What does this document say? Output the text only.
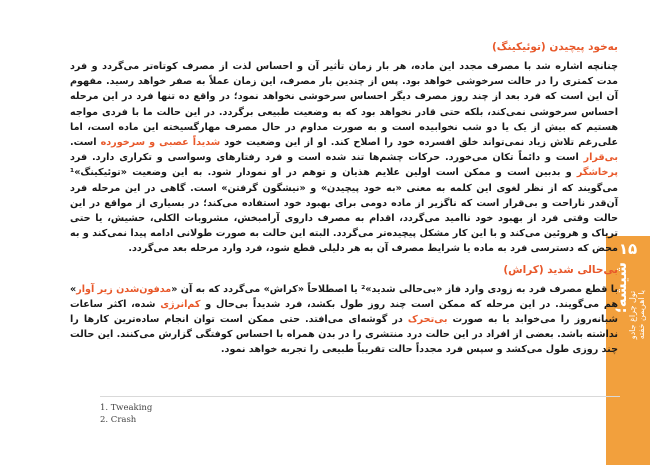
۱۵
شیشه؛
تول چراغ جادو
یا اهریمن خفته
به‌خود پیچیدن (توئیکینگ)

چنانچه اشاره شد با مصرف مجدد این ماده، هر بار زمان تأثیر آن و احساس لذت از مصرف کوتاه‌تر می‌گردد و فرد مدت کمتری را در حالت سرخوشی خواهد بود. پس از چندین بار مصرف، این زمان عملاً به صفر خواهد رسید. مفهوم آن این است که فرد بعد از چند روز مصرف دیگر احساس سرخوشی نخواهد نمود؛ در واقع ده تنها فرد در این مرحله احساس سرخوشی نمی‌کند، بلکه حتی قادر نخواهد بود که به وضعیت طبیعی برگردد. در این حالت ما با فردی مواجه هستیم که بیش از یک یا دو شب نخوابیده است و به صورت مداوم در حال مصرف مهارگسیخته این ماده است، اما علی‌رغم تلاش زیاد نمی‌تواند خلق افسرده خود را اصلاح کند. او از این وضعیت خود شدیداً عصبی و سرخورده است. بی‌قرار است و دائماً تکان می‌خورد. حرکات چشم‌ها تند شده است و فرد رفتارهای وسواسی و تکراری دارد. فرد پرخاشگر و بدبین است و ممکن است اولین علایم هذیان و توهم در او نمودار شود. به این وضعیت «توئیکینگ»¹ می‌گویند که از نظر لغوی این کلمه به معنی «به خود پیچیدن» و «نیشگون گرفتن» است. گاهی در این مرحله فرد آن‌قدر ناراحت و بی‌قرار است که ناگزیر از ماده دومی برای بهبود خود استفاده می‌کند؛ در بسیاری از مواقع در این حالت وقتی فرد از بهبود خود ناامید می‌گردد، اقدام به مصرف داروی آرامبخش، مشروبات الکلی، حشیش، یا حتی تریاک و هروئین می‌کند و با این کار مشکل پیچیده‌تر می‌گردد. البته این حالت به صورت طولانی ادامه پیدا نمی‌کند و به محض که دسترسی فرد به ماده یا شرایط مصرف آن به هر دلیلی قطع شود، فرد وارد مرحله بعد می‌گردد.

بی‌حالی شدید (کراش)

با قطع مصرف فرد به زودی وارد فاز «بی‌حالی شدید»² یا اصطلاحاً «کراش» می‌گردد که به آن «مدفون‌شدن زیر آوار» هم می‌گویند. در این مرحله که ممکن است چند روز طول بکشد، فرد شدیداً بی‌حال و کم‌انرژی شده، اکثر ساعات شبانه‌روز را می‌خوابد یا به صورت بی‌تحرک در گوشه‌ای می‌افتد. حتی ممکن است توان انجام ساده‌ترین کارها را نداشته باشد. بعضی از افراد در این حالت درد منتشری را در بدن همراه با احساس کوفتگی گزارش می‌کنند. این حالت چند روزی طول می‌کشد و سپس فرد مجدداً حالت تقریباً طبیعی را تجربه خواهد نمود.

1. Tweaking
2. Crash
